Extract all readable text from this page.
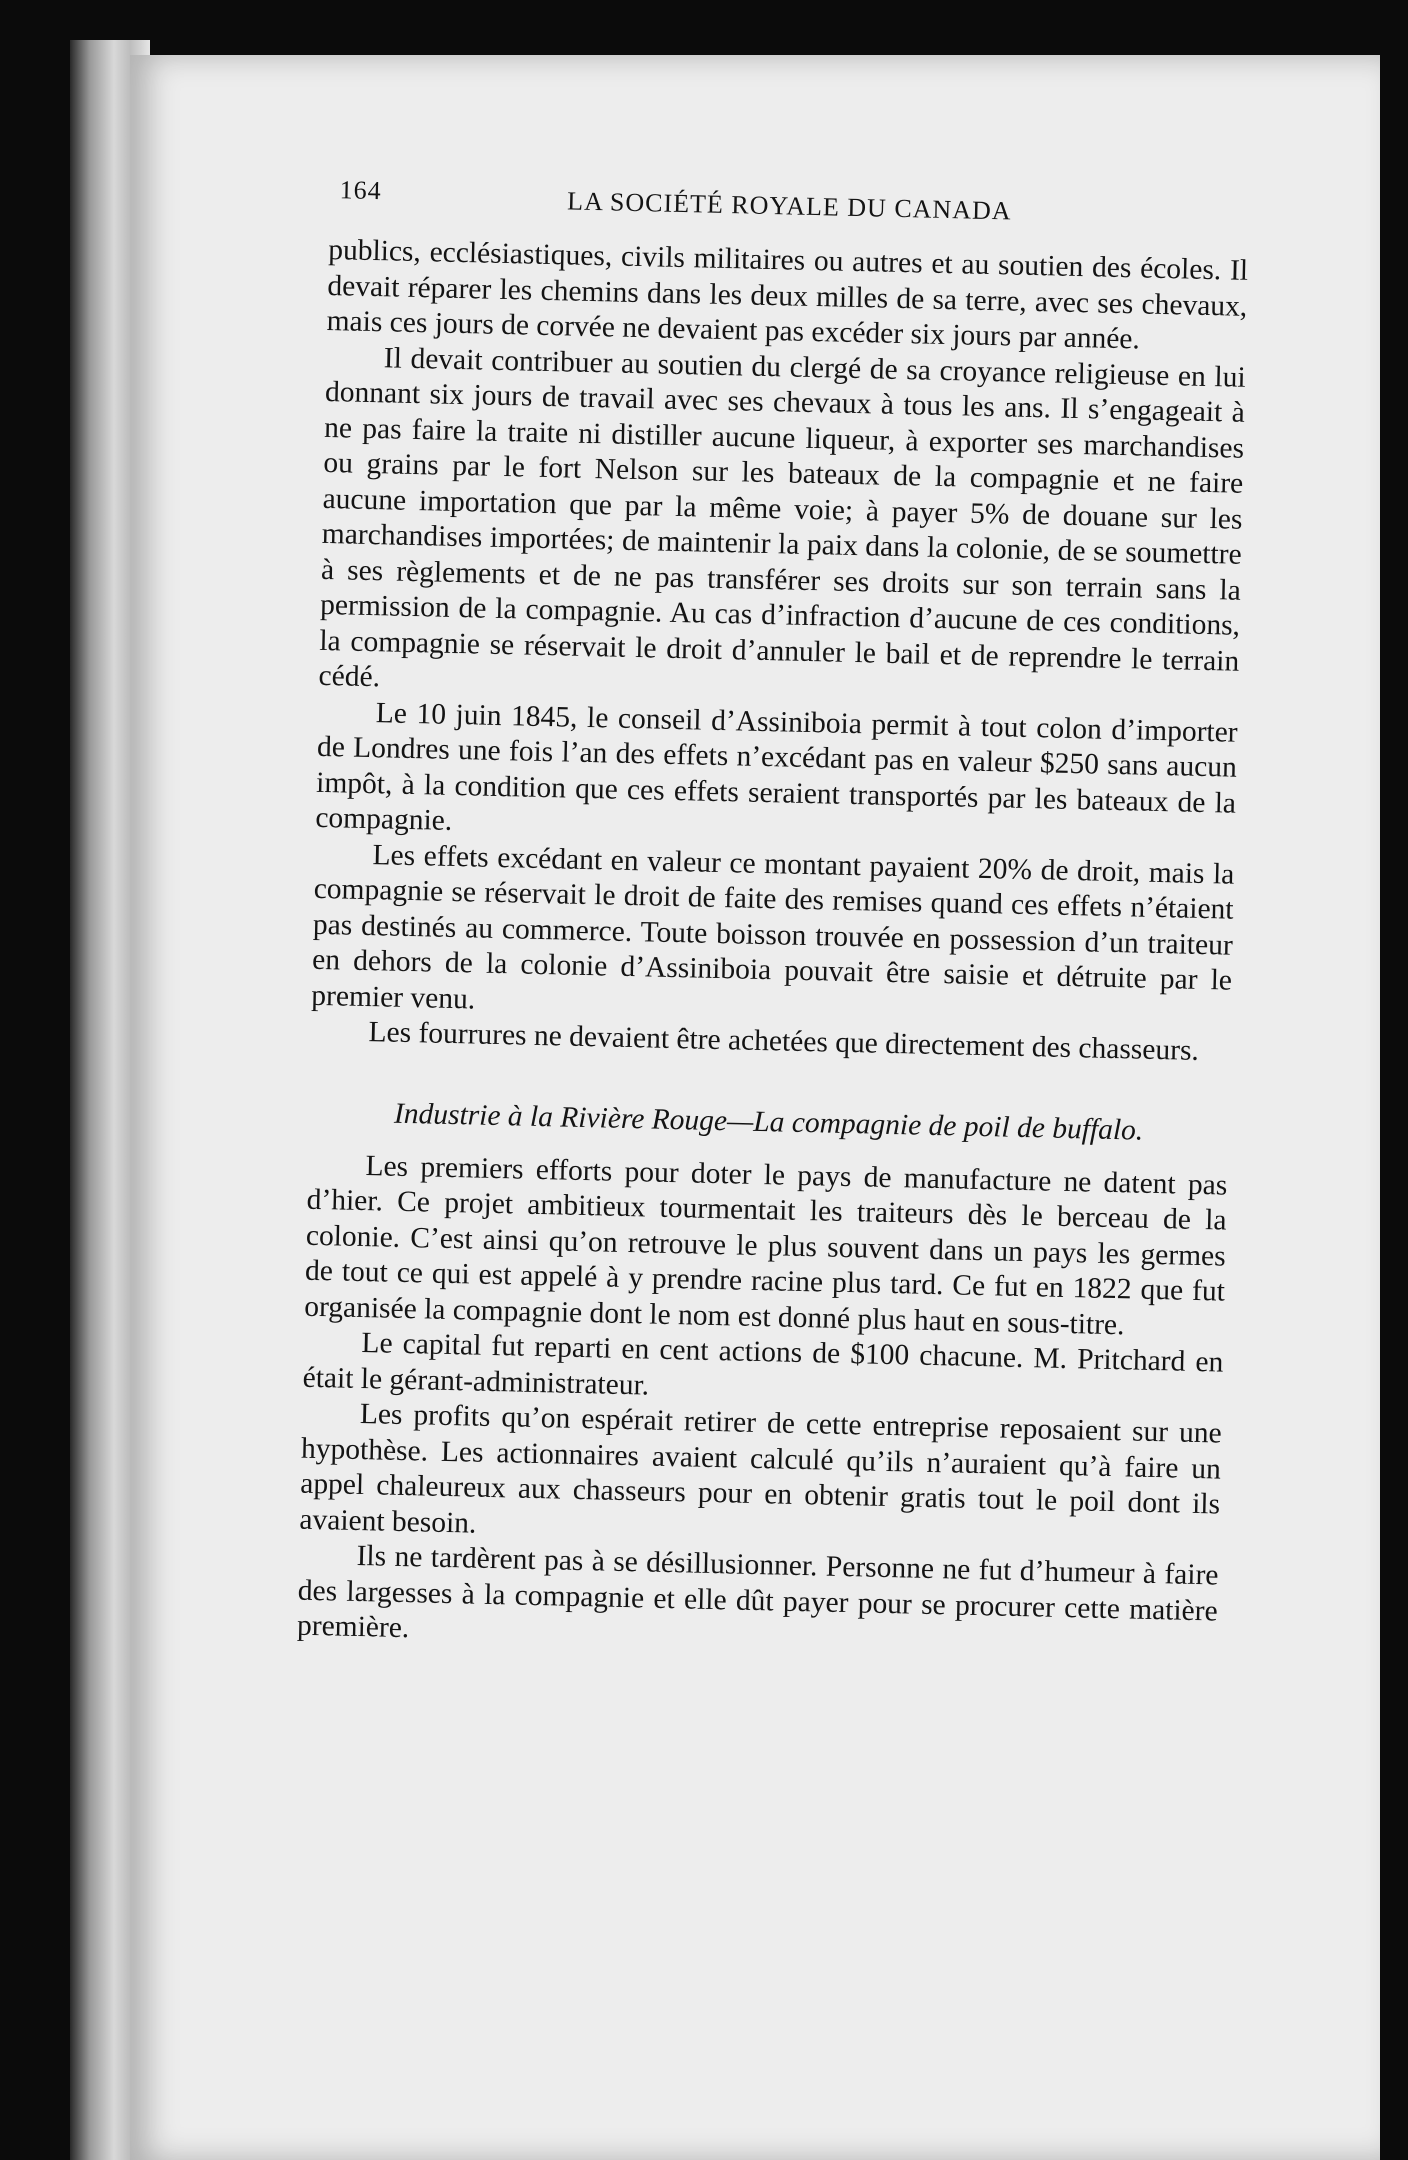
164	LA SOCIÉTÉ ROYALE DU CANADA

publics, ecclésiastiques, civils militaires ou autres et au soutien des écoles. Il devait réparer les chemins dans les deux milles de sa terre, avec ses chevaux, mais ces jours de corvée ne devaient pas excéder six jours par année.

Il devait contribuer au soutien du clergé de sa croyance religieuse en lui donnant six jours de travail avec ses chevaux à tous les ans. Il s’engageait à ne pas faire la traite ni distiller aucune liqueur, à exporter ses marchandises ou grains par le fort Nelson sur les bateaux de la compagnie et ne faire aucune importation que par la même voie; à payer 5% de douane sur les marchandises importées; de maintenir la paix dans la colonie, de se soumettre à ses règlements et de ne pas transférer ses droits sur son terrain sans la permission de la compagnie. Au cas d’infraction d’aucune de ces conditions, la compagnie se réservait le droit d’annuler le bail et de reprendre le terrain cédé.

Le 10 juin 1845, le conseil d’Assiniboia permit à tout colon d’importer de Londres une fois l’an des effets n’excédant pas en valeur $250 sans aucun impôt, à la condition que ces effets seraient transportés par les bateaux de la compagnie.

Les effets excédant en valeur ce montant payaient 20% de droit, mais la compagnie se réservait le droit de faite des remises quand ces effets n’étaient pas destinés au commerce. Toute boisson trouvée en possession d’un traiteur en dehors de la colonie d’Assiniboia pouvait être saisie et détruite par le premier venu.

Les fourrures ne devaient être achetées que directement des chasseurs.

Industrie à la Rivière Rouge—La compagnie de poil de buffalo.

Les premiers efforts pour doter le pays de manufacture ne datent pas d’hier. Ce projet ambitieux tourmentait les traiteurs dès le berceau de la colonie. C’est ainsi qu’on retrouve le plus souvent dans un pays les germes de tout ce qui est appelé à y prendre racine plus tard. Ce fut en 1822 que fut organisée la compagnie dont le nom est donné plus haut en sous-titre.

Le capital fut reparti en cent actions de $100 chacune. M. Pritchard en était le gérant-administrateur.

Les profits qu’on espérait retirer de cette entreprise reposaient sur une hypothèse. Les actionnaires avaient calculé qu’ils n’auraient qu’à faire un appel chaleureux aux chasseurs pour en obtenir gratis tout le poil dont ils avaient besoin.

Ils ne tardèrent pas à se désillusionner. Personne ne fut d’humeur à faire des largesses à la compagnie et elle dût payer pour se procurer cette matière première.
